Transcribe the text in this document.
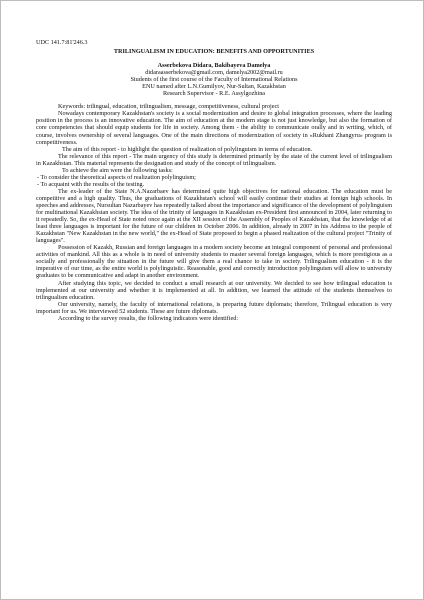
UDC 141.7:81'246.3

TRILINGUALISM IN EDUCATION: BENEFITS AND OPPORTUNITIES

Asserbekova Didara, Bakibayeva Damelya

didaraasserbekova@gmail.com, damelya2002@mail.ru

Students of the first course of the Faculty of International Relations

ENU named after L.N.Gumilyov, Nur-Sultan, Kazakhstan

Research Supervisor - R.E. Assylgozhina

Keywords: trilingual, education, trilingualism, message, competitiveness, cultural project

Nowadays contemporary Kazakhstan's society is a social modernization and desire to global integration processes, where the leading position in the process is an innovative education. The aim of education at the modern stage is not just knowledge, but also the formation of core competencies that should equip students for life in society. Among them - the ability to communicate orally and in writing, which, of course, involves ownership of several languages. One of the main directions of modernization of society in «Rukhani Zhangyru» program is competitiveness.

The aim of this report - to highlight the question of realization of polylinguism in terms of education.

The relevance of this report - The main urgency of this study is determined primarily by the state of the current level of trilingualism in Kazakhstan. This material represents the designation and study of the concept of trilingualism.

To achieve the aim were the following tasks:

- To consider the theoretical aspects of realization polylinguism;

- To acquaint with the results of the testing.

The ex-leader of the State N.A.Nazarbaev has determined quite high objectives for national education. The education must be competitive and a high quality. Thus, the graduations of Kazakhstan's school will easily continue their studies at foreign high schools. In speeches and addresses, Nursultan Nazarbayev has repeatedly talked about the importance and significance of the development of polylinguism for multinational Kazakhstan society. The idea of the trinity of languages in Kazakhstan ex-President first announced in 2004, later returning to it repeatedly. So, the ex-Head of State noted once again at the XII session of the Assembly of Peoples of Kazakhstan, that the knowledge of at least three languages is important for the future of our children in October 2006. In addition, already in 2007 in his Address to the people of Kazakhstan "New Kazakhstan in the new world," the ex-Head of State proposed to begin a phased realization of the cultural project "Trinity of languages".

Possession of Kazakh, Russian and foreign languages in a modern society become an integral component of personal and professional activities of mankind. All this as a whole is in need of university students to master several foreign languages, which is more prestigious as a socially and professionally the situation in the future will give them a real chance to take in society. Trilingualism education - it is the imperative of our time, as the entire world is polylinguistic. Reasonable, good and correctly introduction polylinguism will allow to university graduates to be communicative and adapt in another environment.

After studying this topic, we decided to conduct a small research at our university. We decided to see how trilingual education is implemented at our university and whether it is implemented at all. In addition, we learned the attitude of the students themselves to trilingualism education.

Our university, namely, the faculty of international relations, is preparing future diplomats; therefore, Trilingual education is very important for us. We interviewed 52 students. These are future diplomats.

According to the survey results, the following indicators were identified:
